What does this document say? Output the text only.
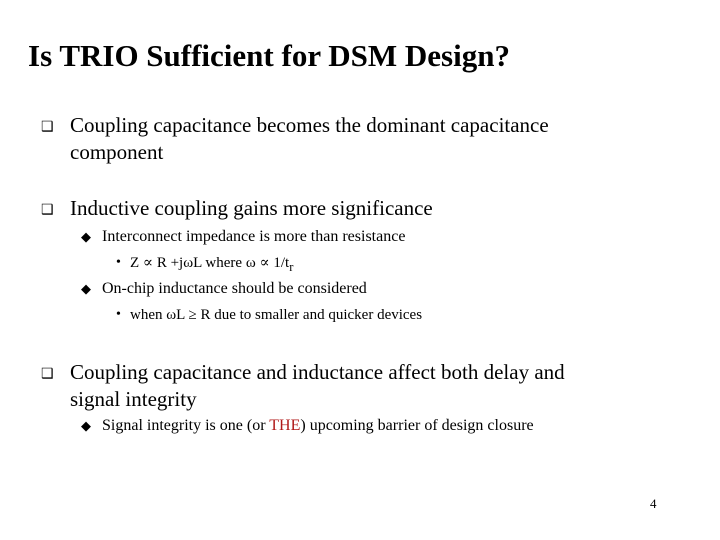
Is TRIO Sufficient for DSM Design?
❑ Coupling capacitance becomes the dominant capacitance
component
❑ Inductive coupling gains more significance
◆ Interconnect impedance is more than resistance
• Z ∝ R +jωL where $\omega \propto 1/t_r$
◆ On-chip inductance should be considered
• when ωL ≥ R due to smaller and quicker devices
❑ Coupling capacitance and inductance affect both delay and
signal integrity
◆ Signal integrity is one (or THE) upcoming barrier of design closure
4
